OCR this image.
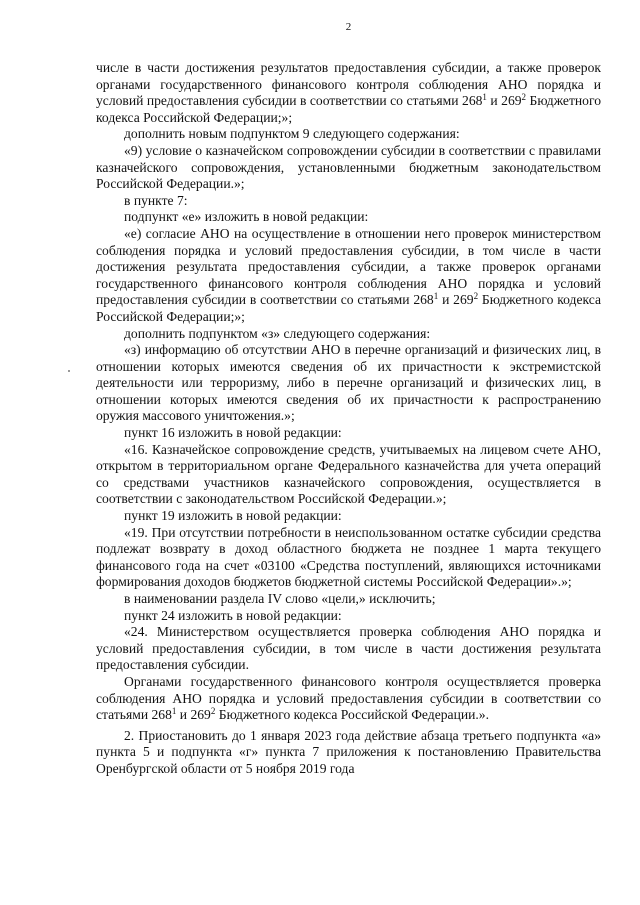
2

числе в части достижения результатов предоставления субсидии, а также проверок органами государственного финансового контроля соблюдения АНО порядка и условий предоставления субсидии в соответствии со статьями $268^1$ и $269^2$ Бюджетного кодекса Российской Федерации;»;

дополнить новым подпунктом 9 следующего содержания:

«9) условие о казначейском сопровождении субсидии в соответствии с правилами казначейского сопровождения, установленными бюджетным законодательством Российской Федерации.»;

в пункте 7:

подпункт «е» изложить в новой редакции:

«е) согласие АНО на осуществление в отношении него проверок министерством соблюдения порядка и условий предоставления субсидии, в том числе в части достижения результата предоставления субсидии, а также проверок органами государственного финансового контроля соблюдения АНО порядка и условий предоставления субсидии в соответствии со статьями $268^1$ и $269^2$ Бюджетного кодекса Российской Федерации;»;

дополнить подпунктом «з» следующего содержания:

«з) информацию об отсутствии АНО в перечне организаций и физических лиц, в отношении которых имеются сведения об их причастности к экстремистской деятельности или терроризму, либо в перечне организаций и физических лиц, в отношении которых имеются сведения об их причастности к распространению оружия массового уничтожения.»;

пункт 16 изложить в новой редакции:

«16. Казначейское сопровождение средств, учитываемых на лицевом счете АНО, открытом в территориальном органе Федерального казначейства для учета операций со средствами участников казначейского сопровождения, осуществляется в соответствии с законодательством Российской Федерации.»;

пункт 19 изложить в новой редакции:

«19. При отсутствии потребности в неиспользованном остатке субсидии средства подлежат возврату в доход областного бюджета не позднее 1 марта текущего финансового года на счет «03100 «Средства поступлений, являющихся источниками формирования доходов бюджетов бюджетной системы Российской Федерации».»;

в наименовании раздела IV слово «цели,» исключить;

пункт 24 изложить в новой редакции:

«24. Министерством осуществляется проверка соблюдения АНО порядка и условий предоставления субсидии, в том числе в части достижения результата предоставления субсидии.

Органами государственного финансового контроля осуществляется проверка соблюдения АНО порядка и условий предоставления субсидии в соответствии со статьями $268^1$ и $269^2$ Бюджетного кодекса Российской Федерации.».

2. Приостановить до 1 января 2023 года действие абзаца третьего подпункта «а» пункта 5 и подпункта «г» пункта 7 приложения к постановлению Правительства Оренбургской области от 5 ноября 2019 года
